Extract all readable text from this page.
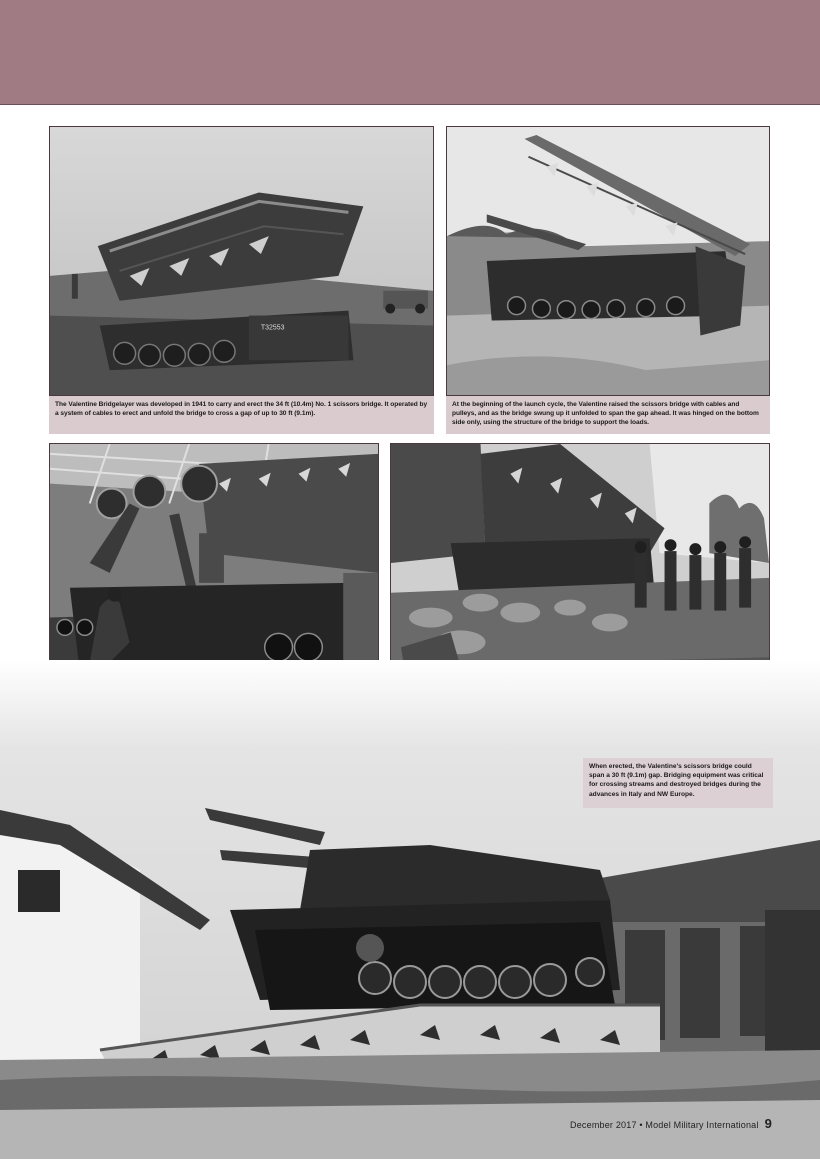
T32553
The Valentine Bridgelayer was developed in 1941 to carry and erect the 34 ft (10.4m) No. 1 scissors bridge. It operated by a system of cables to erect and unfold the bridge to cross a gap of up to 30 ft (9.1m).
At the beginning of the launch cycle, the Valentine raised the scissors bridge with cables and pulleys, and as the bridge swung up it unfolded to span the gap ahead. It was hinged on the bottom side only, using the structure of the bridge to support the loads.
When erected, the Valentine's scissors bridge could span a 30 ft (9.1m) gap. Bridging equipment was critical for crossing streams and destroyed bridges during the advances in Italy and NW Europe.
December 2017 • Model Military International 9
